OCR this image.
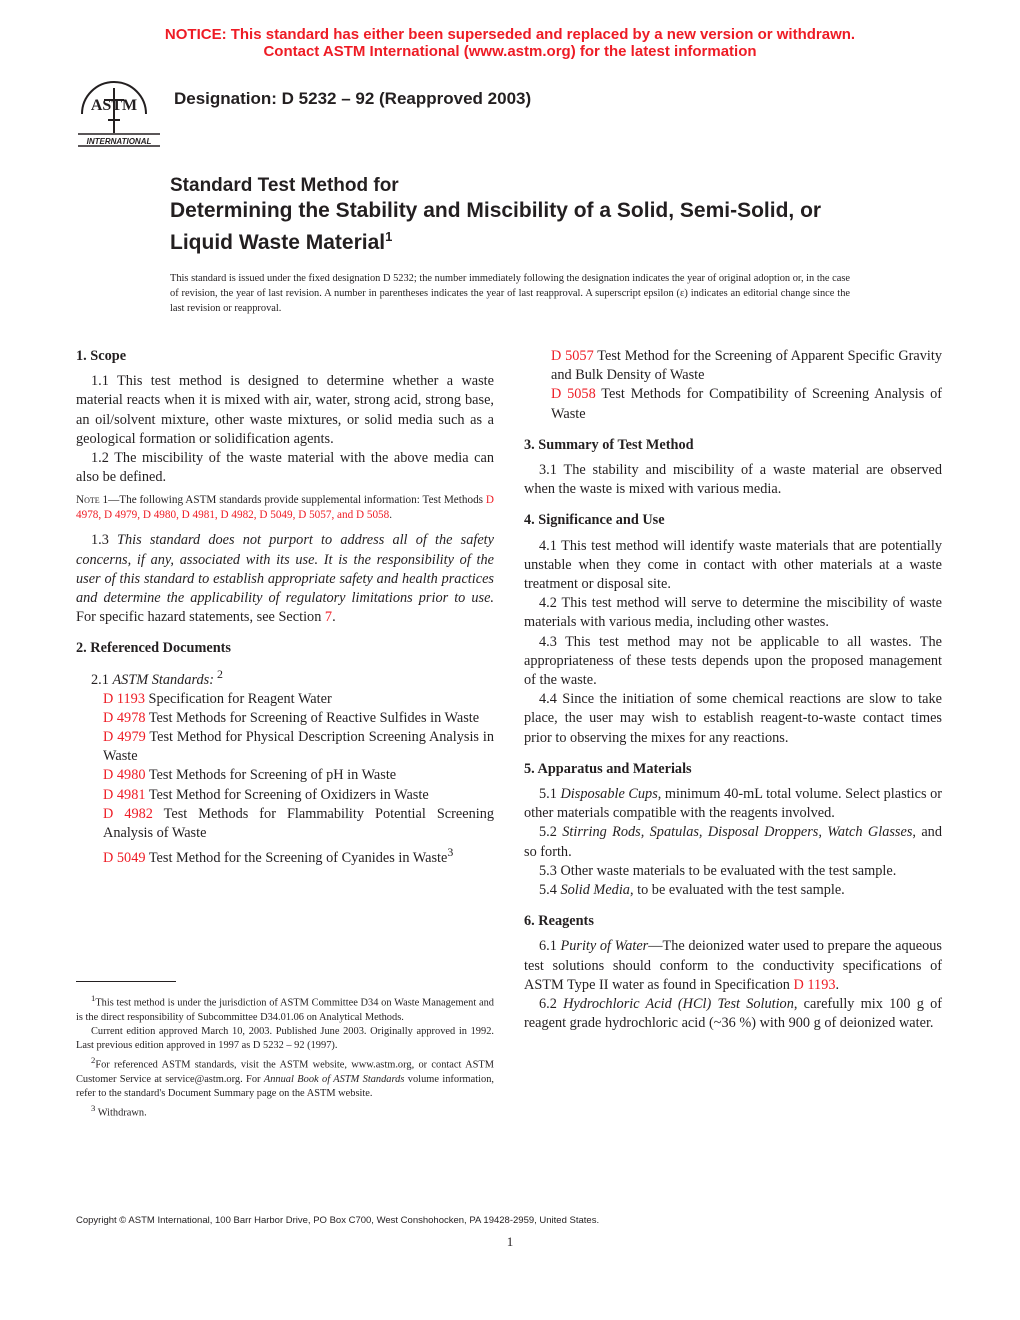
NOTICE: This standard has either been superseded and replaced by a new version or withdrawn.
Contact ASTM International (www.astm.org) for the latest information
ASTM
INTERNATIONAL
Designation: D 5232 – 92 (Reapproved 2003)
Standard Test Method for
Determining the Stability and Miscibility of a Solid, Semi-Solid, or Liquid Waste Material$^1$
This standard is issued under the fixed designation D 5232; the number immediately following the designation indicates the year of original adoption or, in the case of revision, the year of last revision. A number in parentheses indicates the year of last reapproval. A superscript epsilon (ε) indicates an editorial change since the last revision or reapproval.
1. Scope

1.1 This test method is designed to determine whether a waste material reacts when it is mixed with air, water, strong acid, strong base, an oil/solvent mixture, other waste mixtures, or solid media such as a geological formation or solidification agents.

1.2 The miscibility of the waste material with the above media can also be defined.

Note 1—The following ASTM standards provide supplemental information: Test Methods D 4978, D 4979, D 4980, D 4981, D 4982, D 5049, D 5057, and D 5058.

1.3 This standard does not purport to address all of the safety concerns, if any, associated with its use. It is the responsibility of the user of this standard to establish appropriate safety and health practices and determine the applicability of regulatory limitations prior to use. For specific hazard statements, see Section 7.

2. Referenced Documents

2.1 ASTM Standards: $^2$

D 1193 Specification for Reagent Water

D 4978 Test Methods for Screening of Reactive Sulfides in Waste

D 4979 Test Method for Physical Description Screening Analysis in Waste

D 4980 Test Methods for Screening of pH in Waste

D 4981 Test Method for Screening of Oxidizers in Waste

D 4982 Test Methods for Flammability Potential Screening Analysis of Waste

D 5049 Test Method for the Screening of Cyanides in Waste$^3$

D 5057 Test Method for the Screening of Apparent Specific Gravity and Bulk Density of Waste

D 5058 Test Methods for Compatibility of Screening Analysis of Waste

3. Summary of Test Method

3.1 The stability and miscibility of a waste material are observed when the waste is mixed with various media.

4. Significance and Use

4.1 This test method will identify waste materials that are potentially unstable when they come in contact with other materials at a waste treatment or disposal site.

4.2 This test method will serve to determine the miscibility of waste materials with various media, including other wastes.

4.3 This test method may not be applicable to all wastes. The appropriateness of these tests depends upon the proposed management of the waste.

4.4 Since the initiation of some chemical reactions are slow to take place, the user may wish to establish reagent-to-waste contact times prior to observing the mixes for any reactions.

5. Apparatus and Materials

5.1 Disposable Cups, minimum 40-mL total volume. Select plastics or other materials compatible with the reagents involved.

5.2 Stirring Rods, Spatulas, Disposal Droppers, Watch Glasses, and so forth.

5.3 Other waste materials to be evaluated with the test sample.

5.4 Solid Media, to be evaluated with the test sample.

6. Reagents

6.1 Purity of Water—The deionized water used to prepare the aqueous test solutions should conform to the conductivity specifications of ASTM Type II water as found in Specification D 1193.

6.2 Hydrochloric Acid (HCl) Test Solution, carefully mix 100 g of reagent grade hydrochloric acid (~36 %) with 900 g of deionized water.

$^1$This test method is under the jurisdiction of ASTM Committee D34 on Waste Management and is the direct responsibility of Subcommittee D34.01.06 on Analytical Methods.

Current edition approved March 10, 2003. Published June 2003. Originally approved in 1992. Last previous edition approved in 1997 as D 5232 – 92 (1997).

$^2$For referenced ASTM standards, visit the ASTM website, www.astm.org, or contact ASTM Customer Service at service@astm.org. For Annual Book of ASTM Standards volume information, refer to the standard's Document Summary page on the ASTM website.

$^3$ Withdrawn.

Copyright © ASTM International, 100 Barr Harbor Drive, PO Box C700, West Conshohocken, PA 19428-2959, United States.
1
